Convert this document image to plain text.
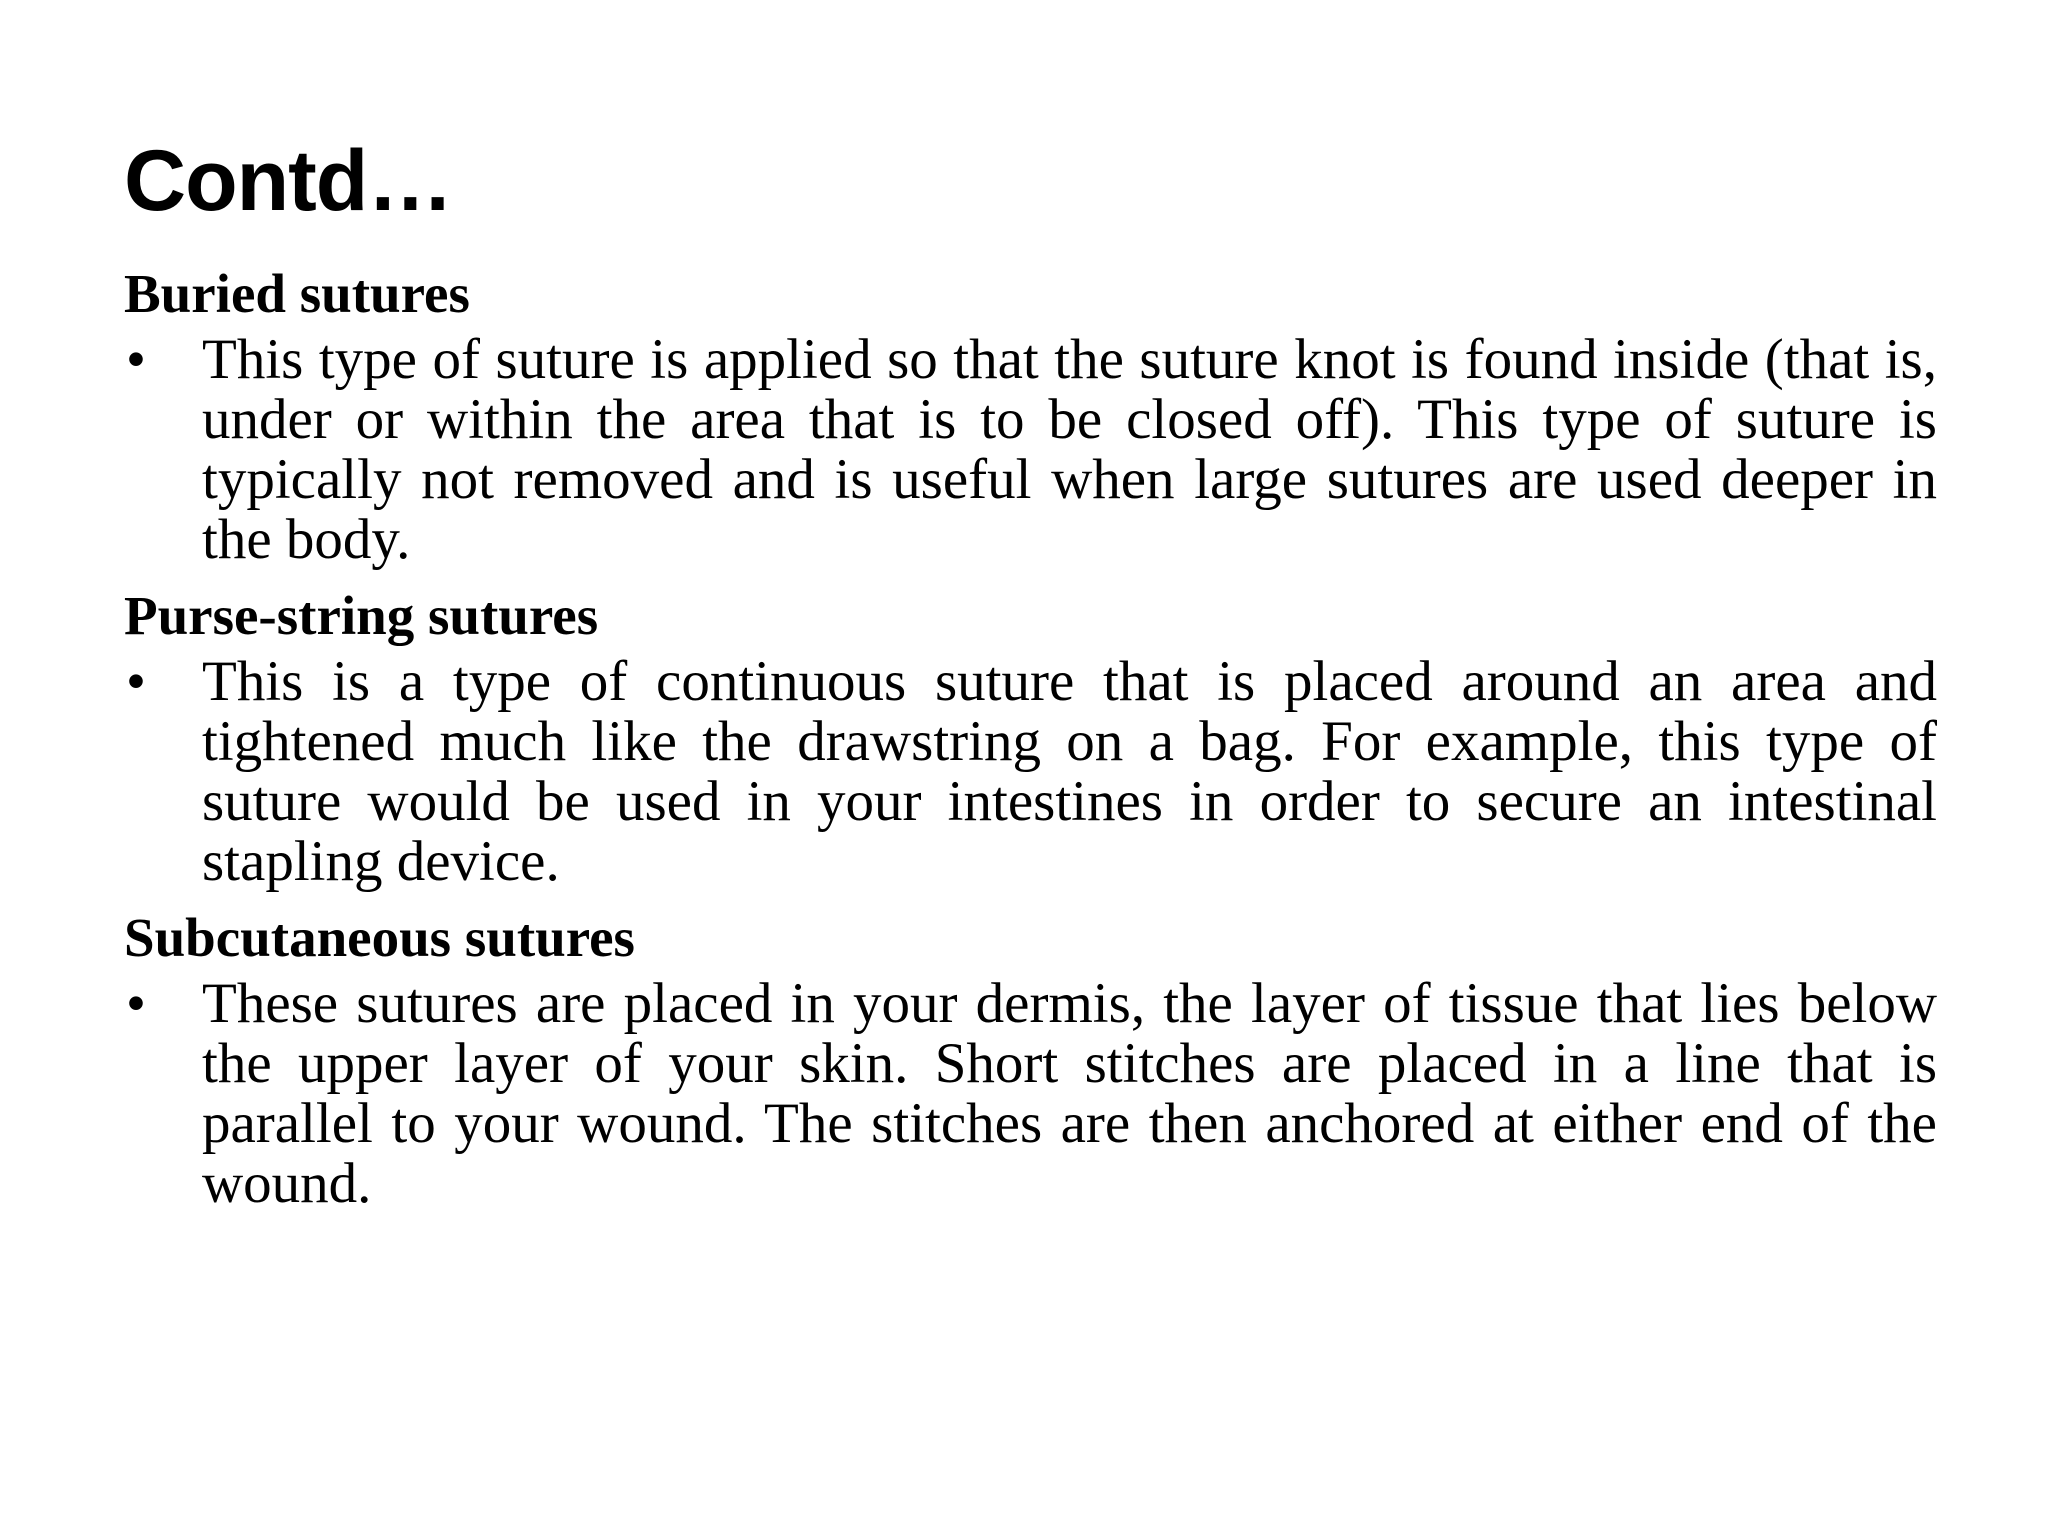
Contd…

Buried sutures

• This type of suture is applied so that the suture knot is found inside (that is, under or within the area that is to be closed off). This type of suture is typically not removed and is useful when large sutures are used deeper in the body.

Purse-string sutures

• This is a type of continuous suture that is placed around an area and tightened much like the drawstring on a bag. For example, this type of suture would be used in your intestines in order to secure an intestinal stapling device.

Subcutaneous sutures

• These sutures are placed in your dermis, the layer of tissue that lies below the upper layer of your skin. Short stitches are placed in a line that is parallel to your wound. The stitches are then anchored at either end of the wound.
